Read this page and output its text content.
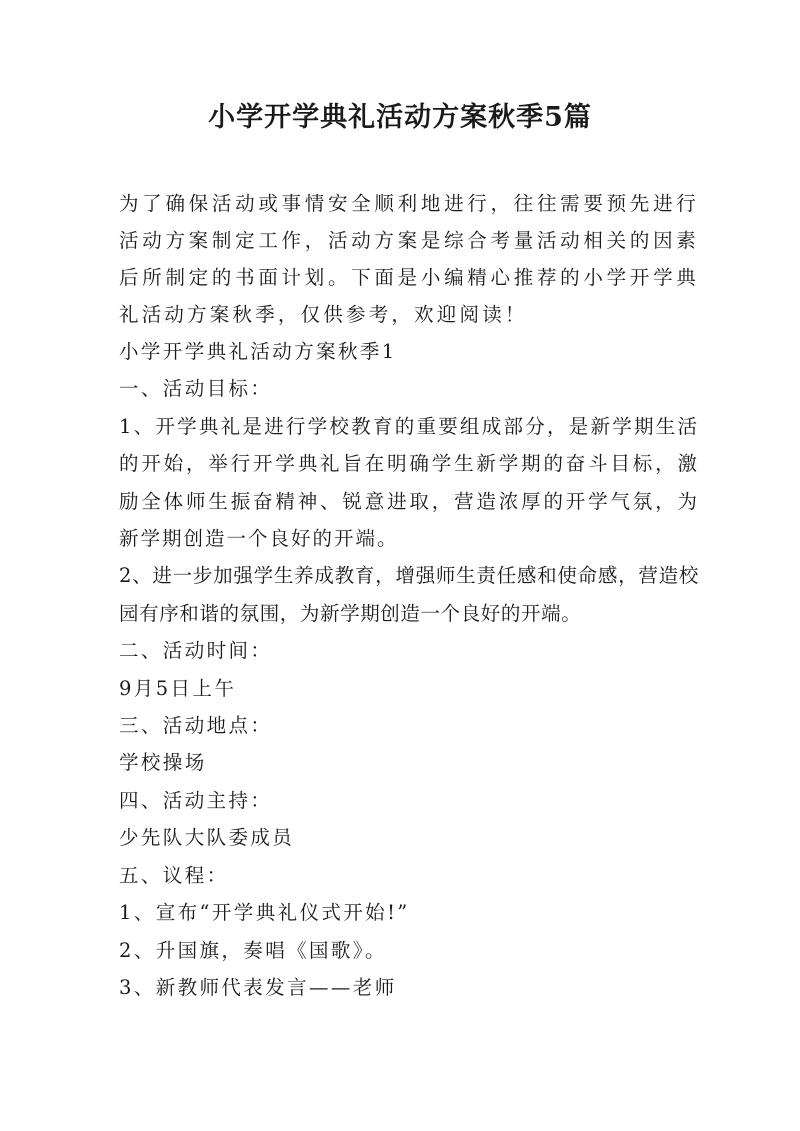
小学开学典礼活动方案秋季5篇

为了确保活动或事情安全顺利地进行，往往需要预先进行活动方案制定工作，活动方案是综合考量活动相关的因素后所制定的书面计划。下面是小编精心推荐的小学开学典礼活动方案秋季，仅供参考，欢迎阅读！

小学开学典礼活动方案秋季1

一、活动目标：

1、开学典礼是进行学校教育的重要组成部分，是新学期生活的开始，举行开学典礼旨在明确学生新学期的奋斗目标，激励全体师生振奋精神、锐意进取，营造浓厚的开学气氛，为新学期创造一个良好的开端。

2、进一步加强学生养成教育，增强师生责任感和使命感，营造校园有序和谐的氛围，为新学期创造一个良好的开端。

二、活动时间：

9月5日上午

三、活动地点：

学校操场

四、活动主持：

少先队大队委成员

五、议程：

1、宣布“开学典礼仪式开始!”

2、升国旗，奏唱《国歌》。

3、新教师代表发言——老师
